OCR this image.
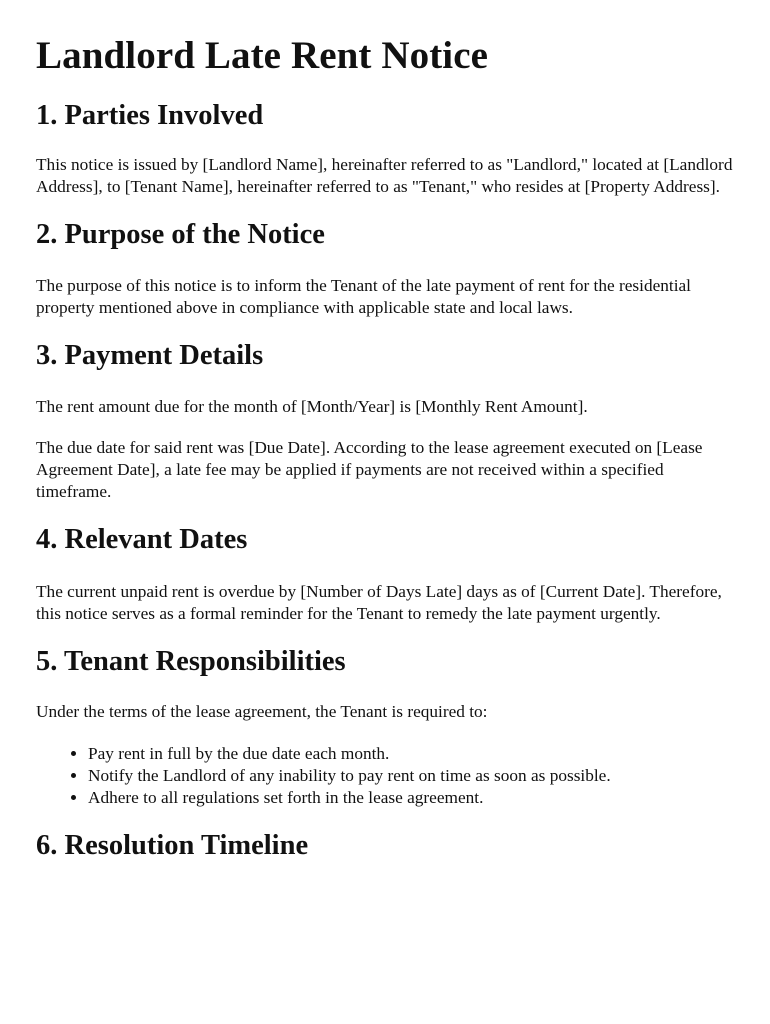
Landlord Late Rent Notice
1. Parties Involved

This notice is issued by [Landlord Name], hereinafter referred to as "Landlord," located at [Landlord Address], to [Tenant Name], hereinafter referred to as "Tenant," who resides at [Property Address].

2. Purpose of the Notice

The purpose of this notice is to inform the Tenant of the late payment of rent for the residential property mentioned above in compliance with applicable state and local laws.

3. Payment Details

The rent amount due for the month of [Month/Year] is [Monthly Rent Amount].

The due date for said rent was [Due Date]. According to the lease agreement executed on [Lease Agreement Date], a late fee may be applied if payments are not received within a specified timeframe.

4. Relevant Dates

The current unpaid rent is overdue by [Number of Days Late] days as of [Current Date]. Therefore, this notice serves as a formal reminder for the Tenant to remedy the late payment urgently.

5. Tenant Responsibilities

Under the terms of the lease agreement, the Tenant is required to:

• Pay rent in full by the due date each month.
• Notify the Landlord of any inability to pay rent on time as soon as possible.
• Adhere to all regulations set forth in the lease agreement.
6. Resolution Timeline
